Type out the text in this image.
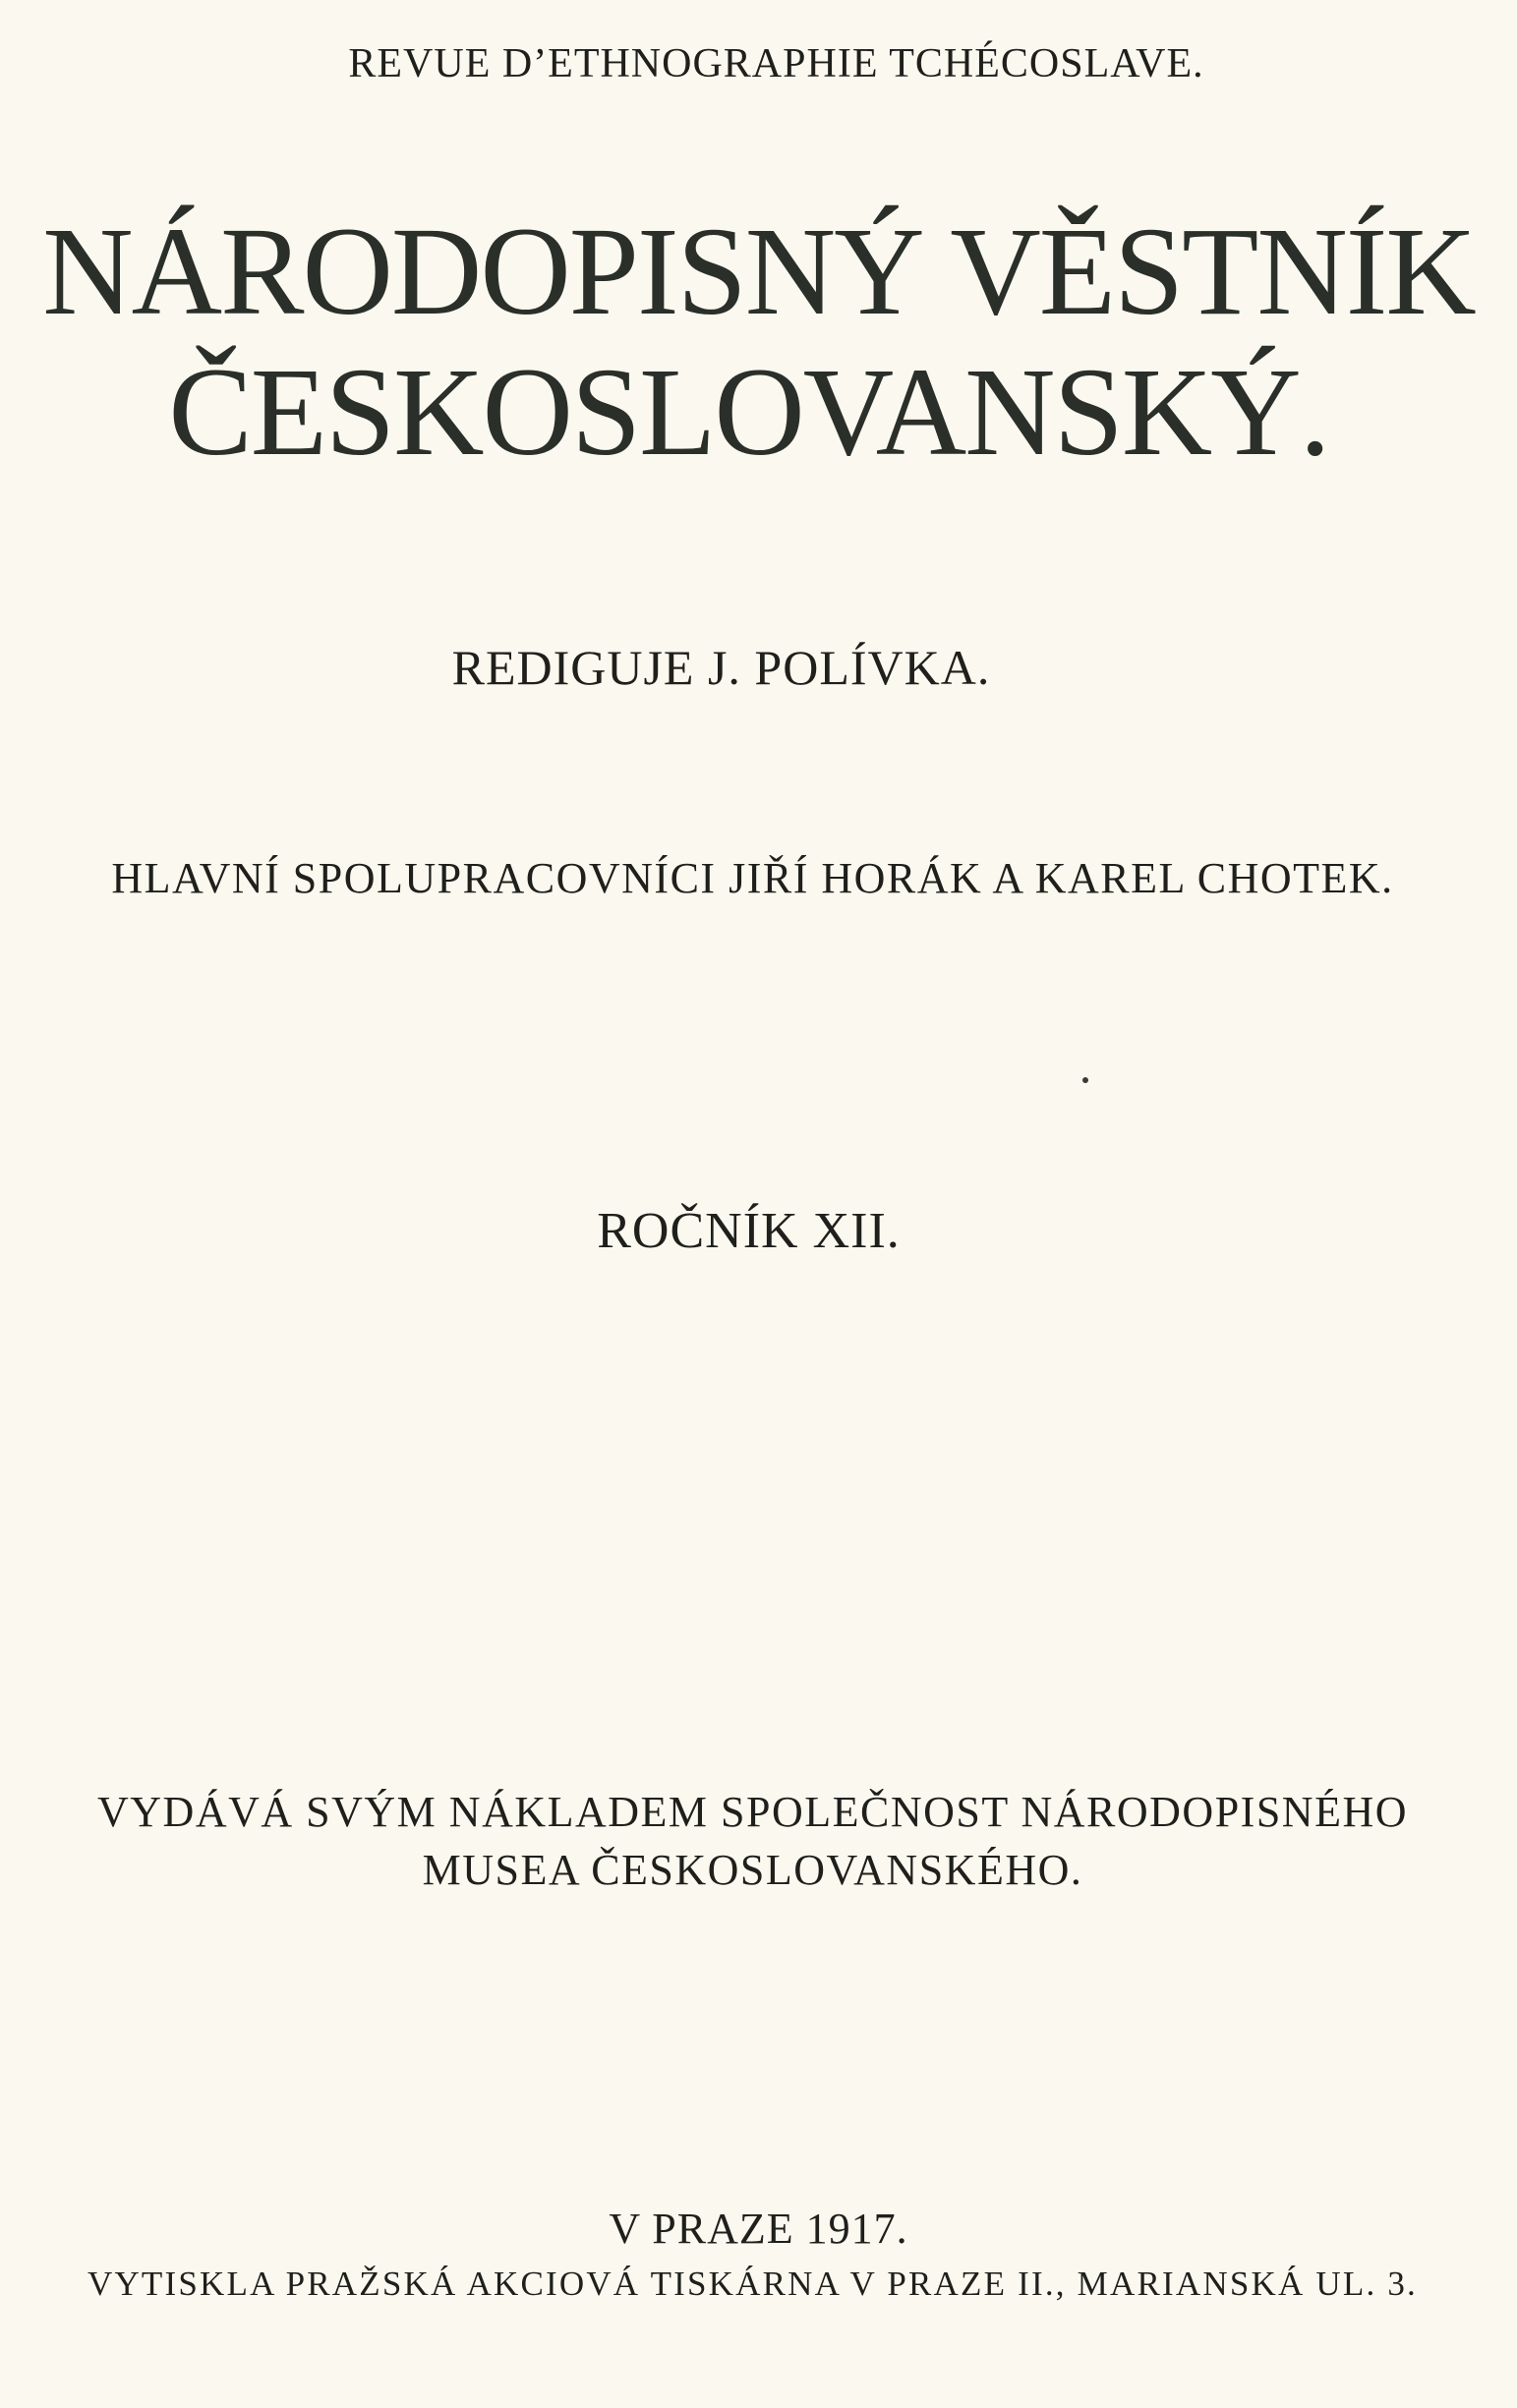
REVUE D’ETHNOGRAPHIE TCHÉCOSLAVE.
NÁRODOPISNÝ VĚSTNÍK
ČESKOSLOVANSKÝ.
REDIGUJE J. POLÍVKA.
HLAVNÍ SPOLUPRACOVNÍCI JIŘÍ HORÁK A KAREL CHOTEK.
ROČNÍK XII.
VYDÁVÁ SVÝM NÁKLADEM SPOLEČNOST NÁRODOPISNÉHO
MUSEA ČESKOSLOVANSKÉHO.
V PRAZE 1917.
VYTISKLA PRAŽSKÁ AKCIOVÁ TISKÁRNA V PRAZE II., MARIANSKÁ UL. 3.
